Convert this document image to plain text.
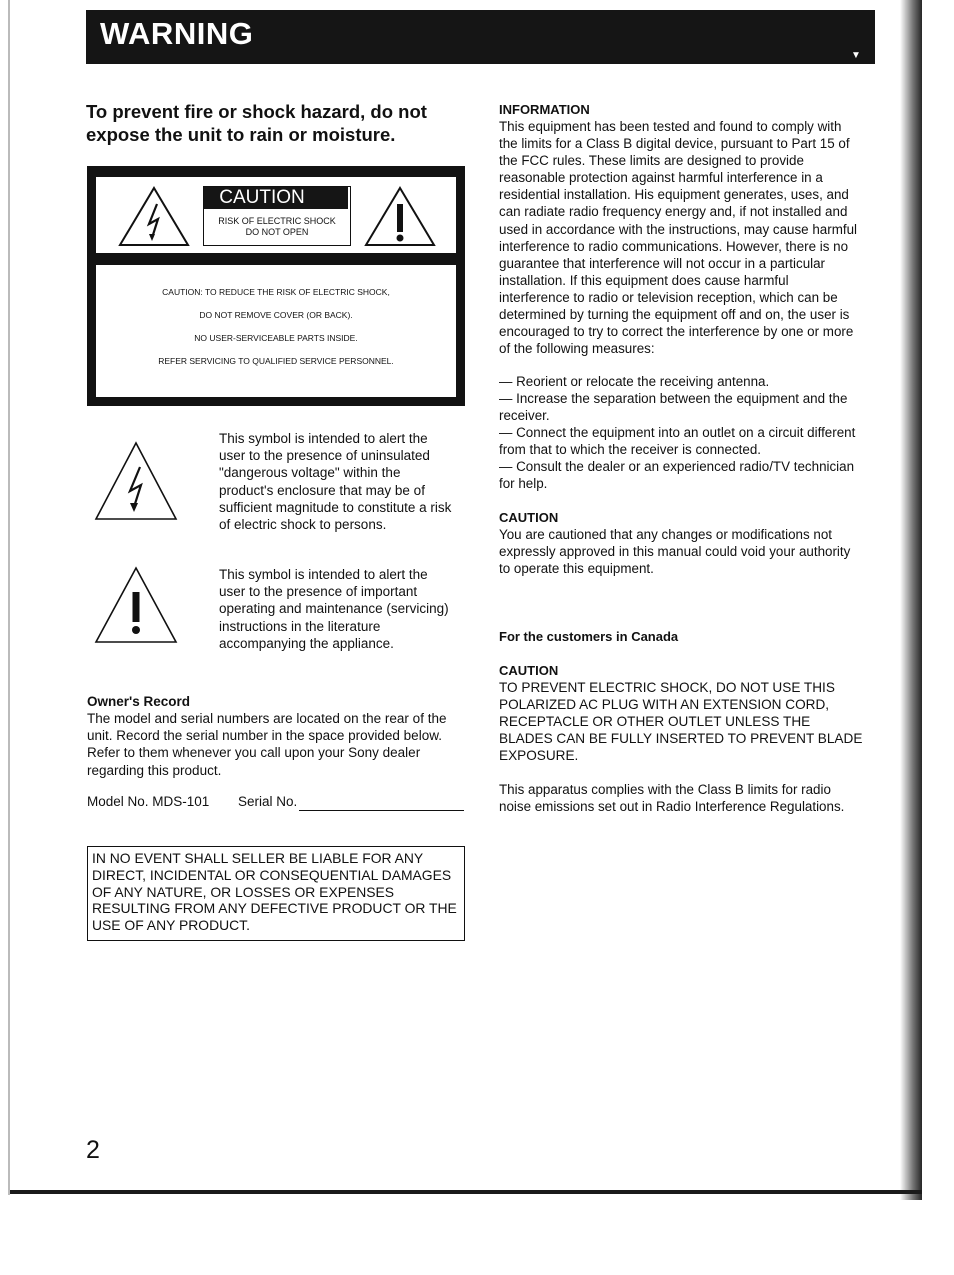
WARNING
▼
To prevent fire or shock hazard, do not expose the unit to rain or moisture.
CAUTION
RISK OF ELECTRIC SHOCK
DO NOT OPEN
CAUTION: TO REDUCE THE RISK OF ELECTRIC SHOCK,
DO NOT REMOVE COVER (OR BACK).
NO USER-SERVICEABLE PARTS INSIDE.
REFER SERVICING TO QUALIFIED SERVICE PERSONNEL.
This symbol is intended to alert the
user to the presence of uninsulated
"dangerous voltage" within the
product's enclosure that may be of
sufficient magnitude to constitute a risk
of electric shock to persons.
This symbol is intended to alert the
user to the presence of important
operating and maintenance (servicing)
instructions in the literature
accompanying the appliance.
Owner's Record
The model and serial numbers are located on the rear of the
unit. Record the serial number in the space provided below.
Refer to them whenever you call upon your Sony dealer
regarding this product.
Model No. MDS-101 Serial No.
IN NO EVENT SHALL SELLER BE LIABLE FOR ANY
DIRECT, INCIDENTAL OR CONSEQUENTIAL DAMAGES
OF ANY NATURE, OR LOSSES OR EXPENSES
RESULTING FROM ANY DEFECTIVE PRODUCT OR THE
USE OF ANY PRODUCT.
INFORMATION
This equipment has been tested and found to comply with
the limits for a Class B digital device, pursuant to Part 15 of
the FCC rules. These limits are designed to provide
reasonable protection against harmful interference in a
residential installation. His equipment generates, uses, and
can radiate radio frequency energy and, if not installed and
used in accordance with the instructions, may cause harmful
interference to radio communications. However, there is no
guarantee that interference will not occur in a particular
installation. If this equipment does cause harmful
interference to radio or television reception, which can be
determined by turning the equipment off and on, the user is
encouraged to try to correct the interference by one or more
of the following measures:
— Reorient or relocate the receiving antenna.
— Increase the separation between the equipment and the
receiver.
— Connect the equipment into an outlet on a circuit different
from that to which the receiver is connected.
— Consult the dealer or an experienced radio/TV technician
for help.
CAUTION
You are cautioned that any changes or modifications not
expressly approved in this manual could void your authority
to operate this equipment.
For the customers in Canada
CAUTION
TO PREVENT ELECTRIC SHOCK, DO NOT USE THIS
POLARIZED AC PLUG WITH AN EXTENSION CORD,
RECEPTACLE OR OTHER OUTLET UNLESS THE
BLADES CAN BE FULLY INSERTED TO PREVENT BLADE
EXPOSURE.
This apparatus complies with the Class B limits for radio
noise emissions set out in Radio Interference Regulations.
2
